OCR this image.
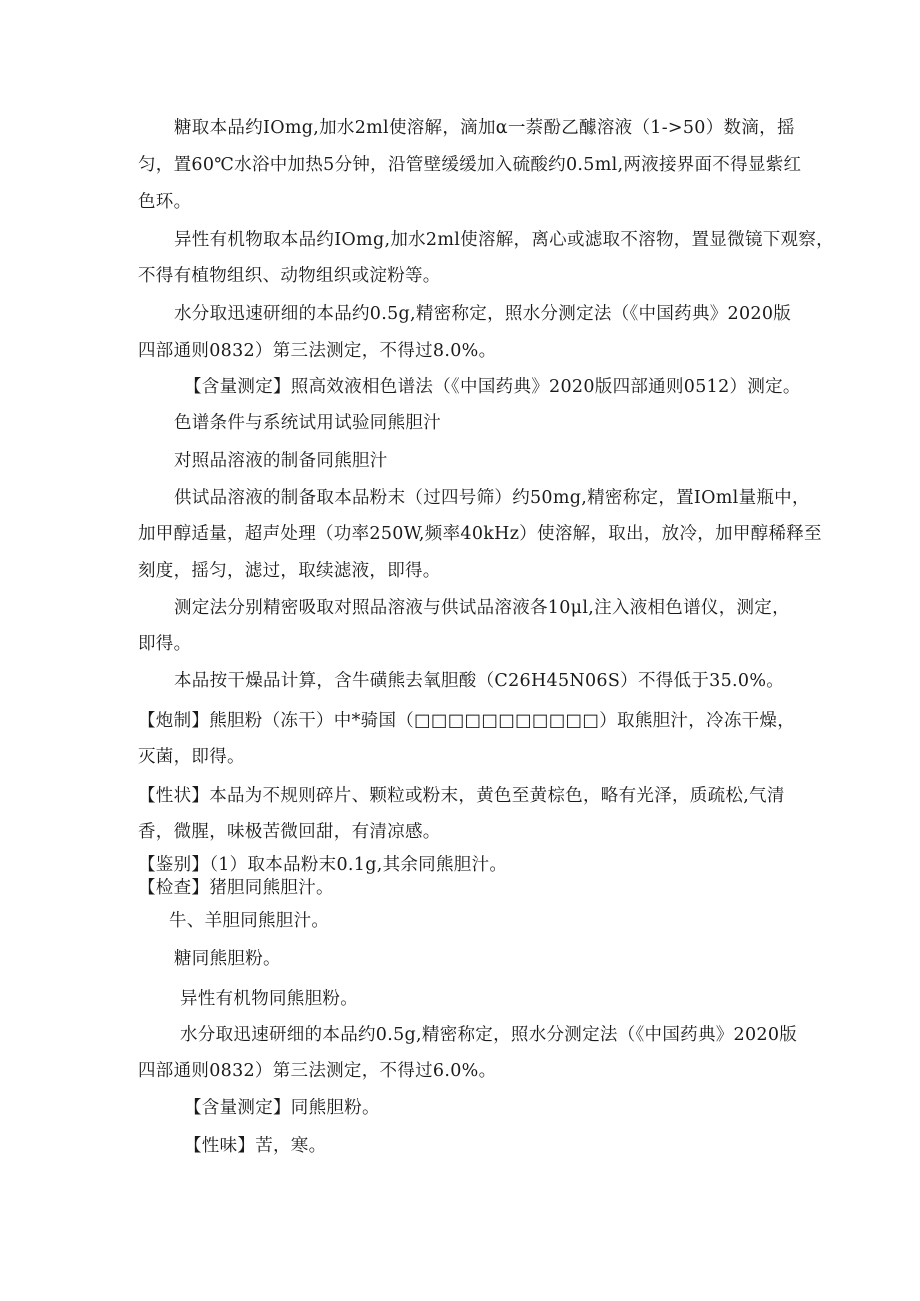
糖取本品约IOmg,加水2ml使溶解，滴加α一萘酚乙醵溶液（1->50）数滴，摇
匀，置60℃水浴中加热5分钟，沿管壁缓缓加入硫酸约0.5ml,两液接界面不得显紫红
色环。
异性有机物取本品约IOmg,加水2ml使溶解，离心或滤取不溶物，置显微镜下观察，
不得有植物组织、动物组织或淀粉等。
水分取迅速研细的本品约0.5g,精密称定，照水分测定法（《中国药典》2020版
四部通则0832）第三法测定，不得过8.0%。
【含量测定】照高效液相色谱法（《中国药典》2020版四部通则0512）测定。
色谱条件与系统试用试验同熊胆汁
对照品溶液的制备同熊胆汁
供试品溶液的制备取本品粉末（过四号筛）约50mg,精密称定，置IOml量瓶中，
加甲醇适量，超声处理（功率250W,频率40kHz）使溶解，取出，放冷，加甲醇稀释至
刻度，摇匀，滤过，取续滤液，即得。
测定法分别精密吸取对照品溶液与供试品溶液各10μl,注入液相色谱仪，测定，
即得。
本品按干燥品计算，含牛磺熊去氧胆酸（C26H45N06S）不得低于35.0%。
【炮制】熊胆粉（冻干）中*骑国（□□□□□□□□□□□）取熊胆汁，冷冻干燥，
灭菌，即得。
【性状】本品为不规则碎片、颗粒或粉末，黄色至黄棕色，略有光泽，质疏松,气清
香，微腥，味极苦微回甜，有清凉感。
【鉴别】（1）取本品粉末0.1g,其余同熊胆汁。
【检查】猪胆同熊胆汁。
牛、羊胆同熊胆汁。
糖同熊胆粉。
异性有机物同熊胆粉。
水分取迅速研细的本品约0.5g,精密称定，照水分测定法（《中国药典》2020版
四部通则0832）第三法测定，不得过6.0%。
【含量测定】同熊胆粉。
【性味】苦，寒。
